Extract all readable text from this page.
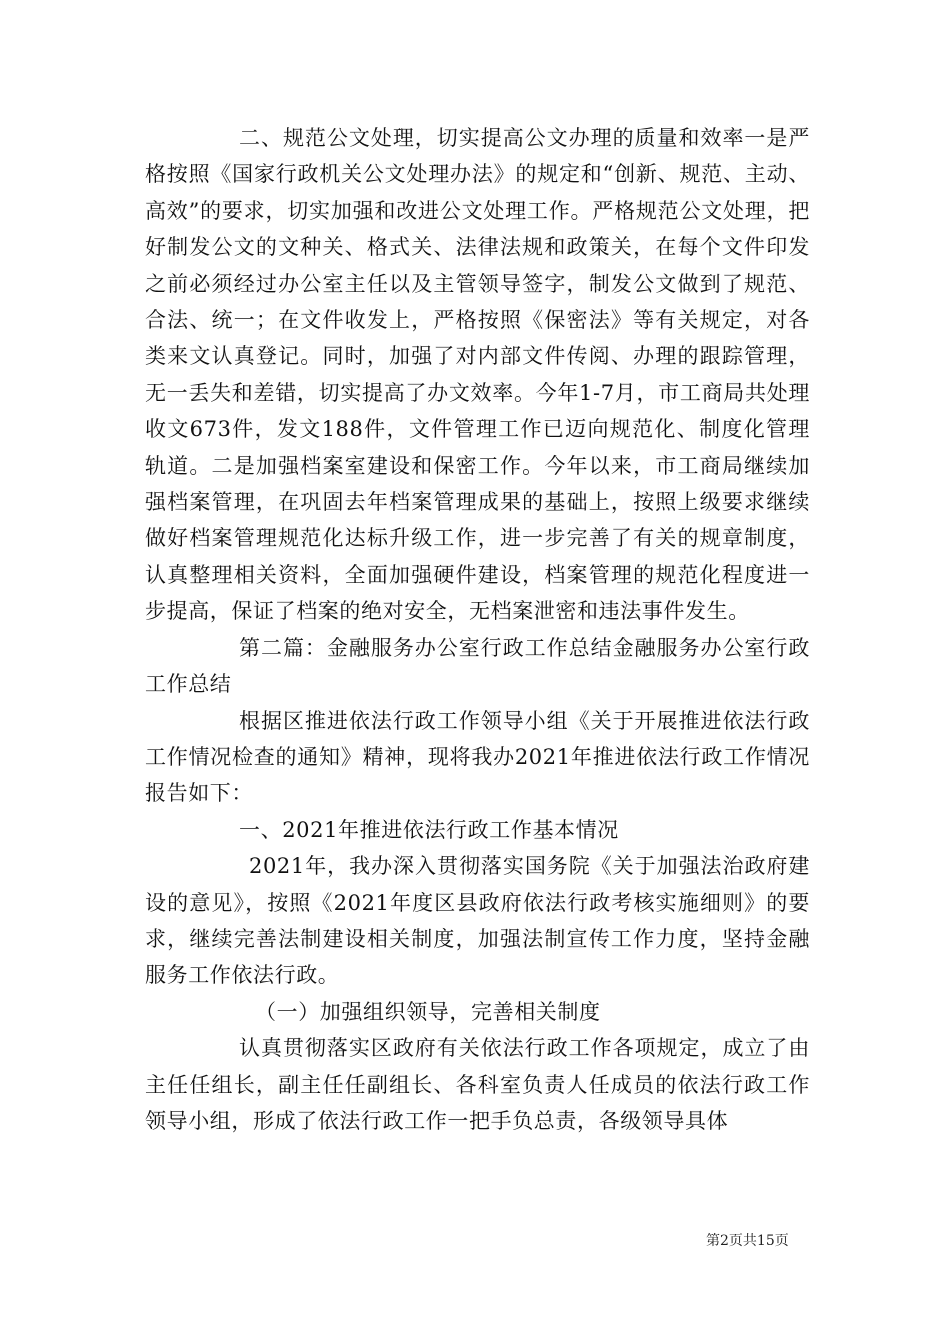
二、规范公文处理，切实提高公文办理的质量和效率一是严格按照《国家行政机关公文处理办法》的规定和“创新、规范、主动、高效”的要求，切实加强和改进公文处理工作。严格规范公文处理，把好制发公文的文种关、格式关、法律法规和政策关，在每个文件印发之前必须经过办公室主任以及主管领导签字，制发公文做到了规范、合法、统一；在文件收发上，严格按照《保密法》等有关规定，对各类来文认真登记。同时，加强了对内部文件传阅、办理的跟踪管理，无一丢失和差错，切实提高了办文效率。今年1-7月，市工商局共处理收文673件，发文188件，文件管理工作已迈向规范化、制度化管理轨道。二是加强档案室建设和保密工作。今年以来，市工商局继续加强档案管理，在巩固去年档案管理成果的基础上，按照上级要求继续做好档案管理规范化达标升级工作，进一步完善了有关的规章制度，认真整理相关资料，全面加强硬件建设，档案管理的规范化程度进一步提高，保证了档案的绝对安全，无档案泄密和违法事件发生。

第二篇：金融服务办公室行政工作总结金融服务办公室行政工作总结

根据区推进依法行政工作领导小组《关于开展推进依法行政工作情况检查的通知》精神，现将我办2021年推进依法行政工作情况报告如下：

一、2021年推进依法行政工作基本情况

2021年，我办深入贯彻落实国务院《关于加强法治政府建设的意见》，按照《2021年度区县政府依法行政考核实施细则》的要求，继续完善法制建设相关制度，加强法制宣传工作力度，坚持金融服务工作依法行政。

（一）加强组织领导，完善相关制度

认真贯彻落实区政府有关依法行政工作各项规定，成立了由主任任组长，副主任任副组长、各科室负责人任成员的依法行政工作领导小组，形成了依法行政工作一把手负总责，各级领导具体

第2页共15页
